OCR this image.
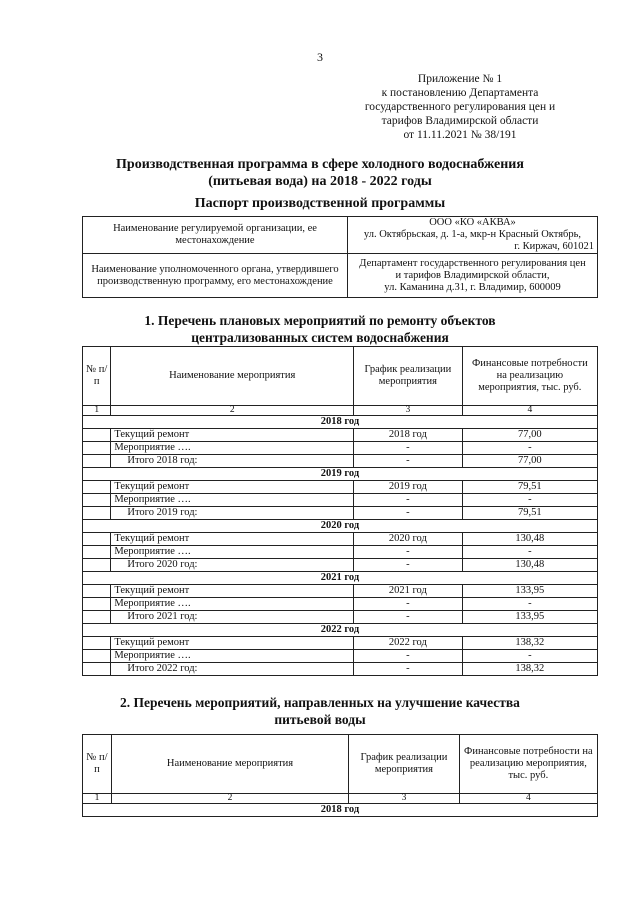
3
Приложение № 1
к постановлению Департамента
государственного регулирования цен и
тарифов Владимирской области
от 11.11.2021 № 38/191
Производственная программа в сфере холодного водоснабжения
(питьевая вода) на 2018 - 2022 годы
Паспорт производственной программы
Наименование регулируемой организации, ее местонахождение	ООО «КО «АКВА»
ул. Октябрьская, д. 1-а, мкр-н Красный Октябрь,
г. Киржач, 601021

Наименование уполномоченного органа, утвердившего производственную программу, его местонахождение	Департамент государственного регулирования цен
и тарифов Владимирской области,
ул. Каманина д.31, г. Владимир, 600009
1. Перечень плановых мероприятий по ремонту объектов
централизованных систем водоснабжения
№ п/п	Наименование мероприятия	График реализации мероприятия	Финансовые потребности на реализацию мероприятия, тыс. руб.
1	2	3	4
2018 год			
	Текущий ремонт	2018 год	77,00
	Мероприятие ….	-	-
	Итого 2018 год:	-	77,00
2019 год			
	Текущий ремонт	2019 год	79,51
	Мероприятие ….	-	-
	Итого 2019 год:	-	79,51
2020 год			
	Текущий ремонт	2020 год	130,48
	Мероприятие ….	-	-
	Итого 2020 год:	-	130,48
2021 год			
	Текущий ремонт	2021 год	133,95
	Мероприятие ….	-	-
	Итого 2021 год:	-	133,95
2022 год			
	Текущий ремонт	2022 год	138,32
	Мероприятие ….	-	-
	Итого 2022 год:	-	138,32
2. Перечень мероприятий, направленных на улучшение качества
питьевой воды
№ п/п	Наименование мероприятия	График реализации мероприятия	Финансовые потребности на реализацию мероприятия, тыс. руб.
1	2	3	4
2018 год			
